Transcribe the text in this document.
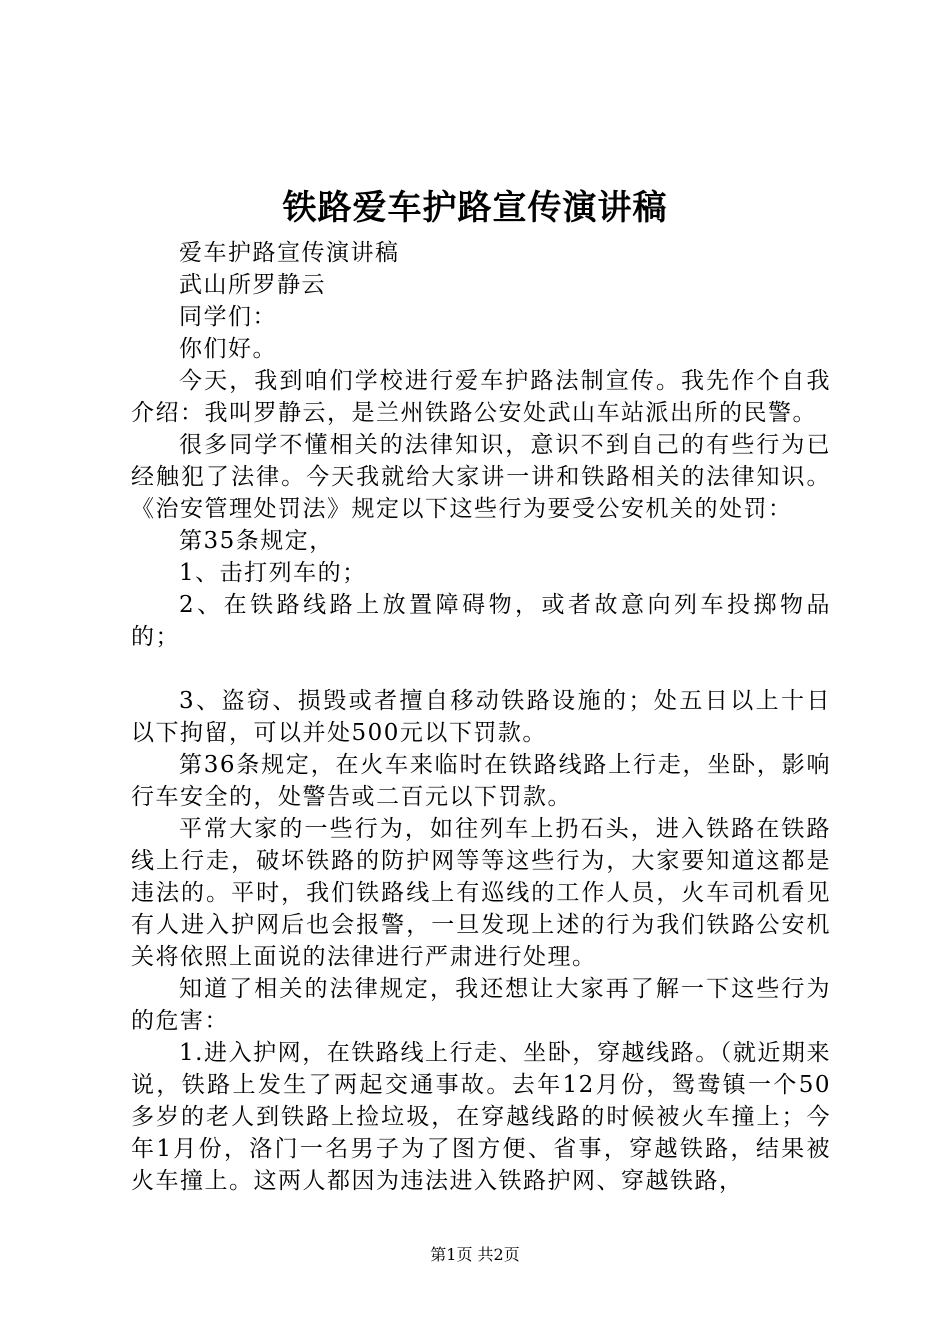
铁路爱车护路宣传演讲稿

爱车护路宣传演讲稿

武山所罗静云

同学们：

你们好。

今天，我到咱们学校进行爱车护路法制宣传。我先作个自我介绍：我叫罗静云，是兰州铁路公安处武山车站派出所的民警。

很多同学不懂相关的法律知识，意识不到自己的有些行为已经触犯了法律。今天我就给大家讲一讲和铁路相关的法律知识。《治安管理处罚法》规定以下这些行为要受公安机关的处罚：

第35条规定，

1、击打列车的；

2、在铁路线路上放置障碍物，或者故意向列车投掷物品的；

3、盗窃、损毁或者擅自移动铁路设施的；处五日以上十日以下拘留，可以并处500元以下罚款。

第36条规定，在火车来临时在铁路线路上行走，坐卧，影响行车安全的，处警告或二百元以下罚款。

平常大家的一些行为，如往列车上扔石头，进入铁路在铁路线上行走，破坏铁路的防护网等等这些行为，大家要知道这都是违法的。平时，我们铁路线上有巡线的工作人员，火车司机看见有人进入护网后也会报警，一旦发现上述的行为我们铁路公安机关将依照上面说的法律进行严肃进行处理。

知道了相关的法律规定，我还想让大家再了解一下这些行为的危害：

1.进入护网，在铁路线上行走、坐卧，穿越线路。（就近期来说，铁路上发生了两起交通事故。去年12月份，鸳鸯镇一个50多岁的老人到铁路上捡垃圾，在穿越线路的时候被火车撞上；今年1月份，洛门一名男子为了图方便、省事，穿越铁路，结果被火车撞上。这两人都因为违法进入铁路护网、穿越铁路，

第1页 共2页
